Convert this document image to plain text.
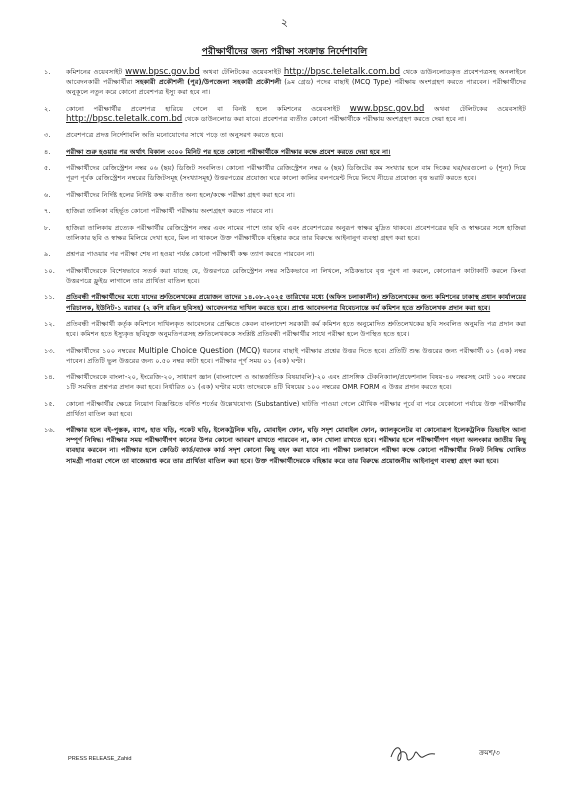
২
পরীক্ষার্থীদের জন্য পরীক্ষা সংক্রান্ত নির্দেশাবলি
১. কমিশনের ওয়েবসাইট www.bpsc.gov.bd অথবা টেলিটকের ওয়েবসাইট http://bpsc.teletalk.com.bd থেকে ডাউনলোডকৃত প্রবেশপত্রসহ অনলাইনে আবেদনকারী পরীক্ষার্থীরা সহকারী প্রকৌশলী (পুর)/উপজেলা সহকারী প্রকৌশলী (৯ম গ্রেড) পদের বাছাই (MCQ Type) পরীক্ষায় অংশগ্রহণ করতে পারবেন। পরীক্ষার্থীদের অনুকূলে নতুন করে কোনো প্রবেশপত্র ইস্যু করা হবে না।
২. কোনো পরীক্ষার্থীর প্রবেশপত্র হারিয়ে গেলে বা বিনষ্ট হলে কমিশনের ওয়েবসাইট www.bpsc.gov.bd অথবা টেলিটকের ওয়েবসাইট http://bpsc.teletalk.com.bd থেকে ডাউনলোড করা যাবে। প্রবেশপত্র ব্যতীত কোনো পরীক্ষার্থীকে পরীক্ষায় অংশগ্রহণ করতে দেয়া হবে না।
৩. প্রবেশপত্রে প্রদত্ত নির্দেশাবলি অতি মনোযোগের সাথে পড়ে তা অনুসরণ করতে হবে।
৪. পরীক্ষা শুরু হওয়ার পর অর্থাৎ বিকাল ৩:০০ মিনিট পর হতে কোনো পরীক্ষার্থীকে পরীক্ষার কক্ষে প্রবেশ করতে দেয়া হবে না।
৫. পরীক্ষার্থীদের রেজিস্ট্রেশন নম্বর ০৬ (ছয়) ডিজিট সংবলিত। কোনো পরীক্ষার্থীর রেজিস্ট্রেশন নম্বর ৬ (ছয়) ডিজিটের কম সংখ্যার হলে বাম দিকের ঘর/ঘরগুলো ০ (শূন্য) দিয়ে পূরণ পূর্বক রেজিস্ট্রেশন নম্বরের ডিজিটসমূহ (সংখ্যাসমূহ) উত্তরপত্রের প্রযোজ্য ঘরে কালো কালির বলপয়েন্ট দিয়ে লিখে নীচের প্রযোজ্য বৃত্ত ভরাট করতে হবে।
৬. পরীক্ষার্থীদের নির্দিষ্ট হলের নির্দিষ্ট কক্ষ ব্যতীত অন্য হলে/কক্ষে পরীক্ষা গ্রহণ করা হবে না।
৭. হাজিরা তালিকা বহির্ভূত কোনো পরীক্ষার্থী পরীক্ষায় অংশগ্রহণ করতে পারবে না।
৮. হাজিরা তালিকায় প্রত্যেক পরীক্ষার্থীর রেজিস্ট্রেশন নম্বর এবং নামের পাশে তার ছবি এবং প্রবেশপত্রের অনুরূপ স্বাক্ষর মুদ্রিত থাকবে। প্রবেশপত্রের ছবি ও স্বাক্ষরের সঙ্গে হাজিরা তালিকার ছবি ও স্বাক্ষর মিলিয়ে দেখা হবে, মিল না থাকলে উক্ত পরীক্ষার্থীকে বহিষ্কার করে তার বিরুদ্ধে আইনানুগ ব্যবস্থা গ্রহণ করা হবে।
৯. প্রশ্নপত্র পাওয়ার পর পরীক্ষা শেষ না হওয়া পর্যন্ত কোনো পরীক্ষার্থী কক্ষ ত্যাগ করতে পারবেন না।
১০. পরীক্ষার্থীদেরকে বিশেষভাবে সতর্ক করা যাচ্ছে যে, উত্তরপত্রে রেজিস্ট্রেশন নম্বর সঠিকভাবে না লিখলে, সঠিকভাবে বৃত্ত পূরণ না করলে, কোনোরূপ কাটাকাটি করলে কিংবা উত্তরপত্রে ফ্লুইড লাগালে তার প্রার্থিতা বাতিল হবে।
১১. প্রতিবন্ধী পরীক্ষার্থীদের মধ্যে যাদের শ্রুতিলেখকের প্রয়োজন তাদের ১৪.০৮.২০২৫ তারিখের মধ্যে (অফিস চলাকালীন) শ্রুতিলেখকের জন্য কমিশনের ঢাকাস্থ প্রধান কার্যালয়ের পরিচালক, ইউনিট-১ বরাবর (২ কপি রঙিন ছবিসহ) আবেদনপত্র দাখিল করতে হবে। প্রাপ্ত আবেদনপত্র বিবেচনান্তে কর্ম কমিশন হতে শ্রুতিলেখক প্রদান করা হবে।
১২. প্রতিবন্ধী পরীক্ষার্থী কর্তৃক কমিশনে দাখিলকৃত আবেদনের প্রেক্ষিতে কেবল বাংলাদেশ সরকারী কর্ম কমিশন হতে অনুমোদিত শ্রুতিলেখকের ছবি সংবলিত অনুমতি পত্র প্রদান করা হবে। কমিশন হতে ইস্যুকৃত ছবিযুক্ত অনুমতিপত্রসহ শ্রুতিলেখককে সংশ্লিষ্ট প্রতিবন্ধী পরীক্ষার্থীর সাথে পরীক্ষা হলে উপস্থিত হতে হবে।
১৩. পরীক্ষার্থীদের ১০০ নম্বরের Multiple Choice Question (MCQ) ধরনের বাছাই পরীক্ষার প্রশ্নের উত্তর দিতে হবে। প্রতিটি শুদ্ধ উত্তরের জন্য পরীক্ষার্থী ০১ (এক) নম্বর পাবেন। প্রতিটি ভুল উত্তরের জন্য ০.৫০ নম্বর কাটা হবে। পরীক্ষার পূর্ণ সময় ০১ (এক) ঘণ্টা।
১৪. পরীক্ষার্থীদেরকে বাংলা-২০, ইংরেজি-২০, সাধারণ জ্ঞান (বাংলাদেশ ও আন্তর্জাতিক বিষয়াবলি)-২০ এবং প্রাসঙ্গিক টেকনিক্যাল/প্রফেশনাল বিষয়-৪০ নম্বরসহ মোট ১০০ নম্বরের ১টি সমন্বিত প্রশ্নপত্র প্রদান করা হবে। নির্ধারিত ০১ (এক) ঘণ্টার মধ্যে তাদেরকে ৪টি বিষয়ের ১০০ নম্বরের OMR FORM এ উত্তর প্রদান করতে হবে।
১৫. কোনো পরীক্ষার্থীর ক্ষেত্রে নিয়োগ বিজ্ঞপ্তিতে বর্ণিত শর্তের উল্লেখযোগ্য (Substantive) ঘাটতি পাওয়া গেলে মৌখিক পরীক্ষার পূর্বে বা পরে যেকোনো পর্যায়ে উক্ত পরীক্ষার্থীর প্রার্থিতা বাতিল করা হবে।
১৬. পরীক্ষার হলে বই-পুস্তক, ব্যাগ, হাত ঘড়ি, পকেট ঘড়ি, ইলেকট্রনিক ঘড়ি, মোবাইল ফোন, ঘড়ি সদৃশ মোবাইল ফোন, ক্যালকুলেটর বা কোনোরূপ ইলেকট্রনিক ডিভাইস আনা সম্পূর্ণ নিষিদ্ধ। পরীক্ষার সময় পরীক্ষার্থীগণ কানের উপর কোনো আবরণ রাখতে পারবেন না, কান খোলা রাখতে হবে। পরীক্ষার হলে পরীক্ষার্থীগণ গহনা অলংকার জাতীয় কিছু ব্যবহার করবেন না। পরীক্ষার হলে ক্রেডিট কার্ড/ব্যাংক কার্ড সদৃশ কোনো কিছু বহন করা যাবে না। পরীক্ষা চলাকালে পরীক্ষা কক্ষে কোনো পরীক্ষার্থীর নিকট নিষিদ্ধ ঘোষিত সামগ্রী পাওয়া গেলে তা বাজেয়াপ্ত করে তার প্রার্থিতা বাতিল করা হবে। উক্ত পরীক্ষার্থীদেরকে বহিষ্কার করে তার বিরুদ্ধে প্রয়োজনীয় আইনানুগ ব্যবস্থা গ্রহণ করা হবে।
PRESS RELEASE_Zahid
ক্রমশ/৩
